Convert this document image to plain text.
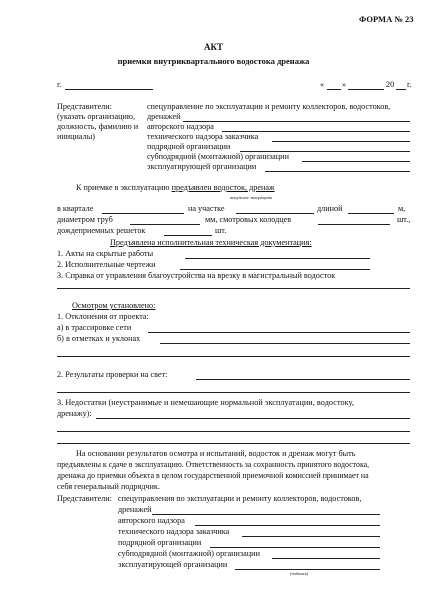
ФОРМА № 23
АКТ
приемки внутриквартального водостока дренажа
г.	« »	20 г.
Представители:
(указать организацию,
должность, фамилию и
инициалы)
спецуправление по эксплуатации и ремонту коллекторов, водостоков,
дренажей
авторского надзора
технического надзора заказчика
подрядной организации
субподрядной (монтажной) организации
эксплуатирующей организации
К приемке в эксплуатацию предъявлен водосток, дренаж
ненужное зачеркнуть
в квартале	на участке	длиной	м,
диаметром труб	мм, смотровых колодцев	шт.,
дождеприемных решеток	шт.
Предъявлена исполнительная техническая документация:
1. Акты на скрытые работы
2. Исполнительные чертежи
3. Справка от управления благоустройства на врезку в магистральный водосток
Осмотром установлено:
1. Отклонения от проекта:
а) в трассировке сети
б) в отметках и уклонах
2. Результаты проверки на свет:
3. Недостатки (неустранимые и немешающие нормальной эксплуатации, водостоку,
дренажу):
На основании результатов осмотра и испытаний, водосток и дренаж могут быть
предъявлены к сдаче в эксплуатацию. Ответственность за сохранность принятого водостока,
дренажа до приемки объекта в целом государственной приемочной комиссией принимает на
себя генеральный подрядчик.
Представители: спецуправления по эксплуатации и ремонту коллекторов, водостоков,
дренажей
авторского надзора
технического надзора заказчика
подрядной организации
субподрядной (монтажной) организации
эксплуатирующей организации
(подпись)
